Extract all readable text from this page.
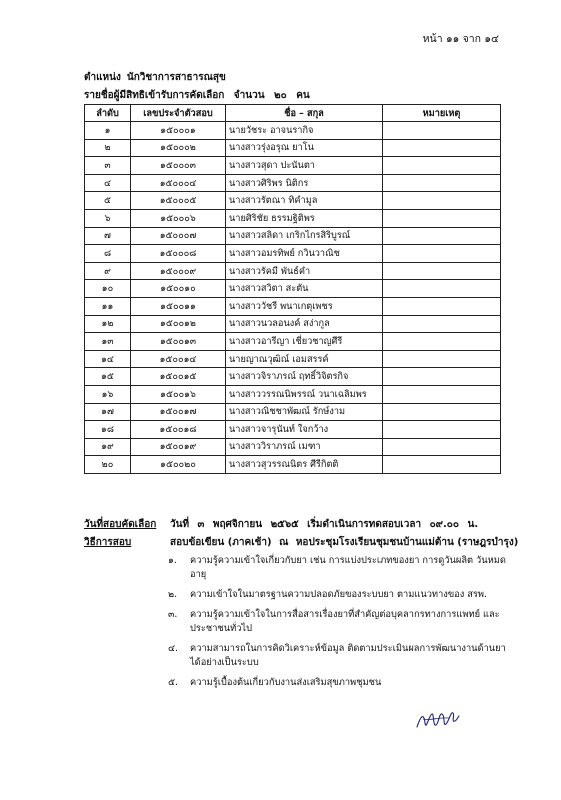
หน้า ๑๑ จาก ๑๔
ตำแหน่ง นักวิชาการสาธารณสุข
รายชื่อผู้มีสิทธิเข้ารับการคัดเลือก จำนวน ๒๐ คน
ลำดับ	เลขประจำตัวสอบ	ชื่อ – สกุล	หมายเหตุ
๑	๑๕๐๐๐๑	นายวัชระ อาจนรากิจ	
๒	๑๕๐๐๐๒	นางสาวรุ่งอรุณ ยาโน	
๓	๑๕๐๐๐๓	นางสาวสุดา ปะนันตา	
๔	๑๕๐๐๐๔	นางสาวศิริพร นิติกร	
๕	๑๕๐๐๐๕	นางสาวรัตณา ทิคำมูล	
๖	๑๕๐๐๐๖	นายศิริชัย ธรรมฐิติพร	
๗	๑๕๐๐๐๗	นางสาวสลิดา เกริกไกรสิริบูรณ์	
๘	๑๕๐๐๐๘	นางสาวอมรทิพย์ กวินวาณิช	
๙	๑๕๐๐๐๙	นางสาวรัคมี พันธ์คำ	
๑๐	๑๕๐๐๑๐	นางสาวสวิตา สะตัน	
๑๑	๑๕๐๐๑๑	นางสาววัชรี พนาเกตุเพชร	
๑๒	๑๕๐๐๑๒	นางสาวนวลอนงค์ สง่ากูล	
๑๓	๑๕๐๐๑๓	นางสาวอารีญา เชี่ยวชาญศีรี	
๑๔	๑๕๐๐๑๔	นายญาณวุฒิณ์ เอมสรรค์	
๑๕	๑๕๐๐๑๕	นางสาวจิราภรณ์ ฤทธิ์วิจิตรกิจ	
๑๖	๑๕๐๐๑๖	นางสาววรรณนิพรรณ์ วนาเฉลิมพร	
๑๗	๑๕๐๐๑๗	นางสาวณิชชาพัฒณ์ รักษ์งาม	
๑๘	๑๕๐๐๑๘	นางสาวจารุนันท์ ใจกว้าง	
๑๙	๑๕๐๐๑๙	นางสาววิราภรณ์ เมฑา	
๒๐	๑๕๐๐๒๐	นางสาวสุวรรณนิตร ศีรีกิตติ	
วันที่สอบคัดเลือก
วิธีการสอบ
วันที่ ๓ พฤศจิกายน ๒๕๖๕ เริ่มดำเนินการทดสอบเวลา ๐๙.๐๐ น.
สอบข้อเขียน (ภาคเช้า) ณ หอประชุมโรงเรียนชุมชนบ้านแม่ต้าน (ราษฎรบำรุง)
๑. ความรู้ความเข้าใจเกี่ยวกับยา เช่น การแบ่งประเภทของยา การดูวันผลิต วันหมดอายุ
๒. ความเข้าใจในมาตรฐานความปลอดภัยของระบบยา ตามแนวทางของ สรพ.
๓. ความรู้ความเข้าใจในการสื่อสารเรื่องยาที่สำคัญต่อบุคลากรทางการแพทย์ และประชาชนทั่วไป
๔. ความสามารถในการคิดวิเคราะห์ข้อมูล ติดตามประเมินผลการพัฒนางานด้านยา ได้อย่างเป็นระบบ
๕. ความรู้เบื้องต้นเกี่ยวกับงานส่งเสริมสุขภาพชุมชน
